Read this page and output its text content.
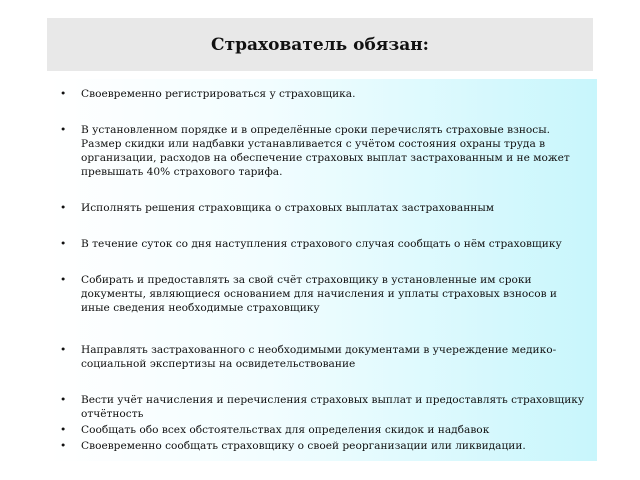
Страхователь обязан:
• Своевременно регистрироваться у страховщика.
• В установленном порядке и в определённые сроки перечислять страховые взносы. Размер скидки или надбавки устанавливается с учётом состояния охраны труда в организации, расходов на обеспечение страховых выплат застрахованным и не может превышать 40% страхового тарифа.
• Исполнять решения страховщика о страховых выплатах застрахованным
• В течение суток со дня наступления страхового случая сообщать о нём страховщику
• Собирать и предоставлять за свой счёт страховщику в установленные им сроки документы, являющиеся основанием для начисления и уплаты страховых взносов и иные сведения необходимые страховщику
• Направлять застрахованного с необходимыми документами в учереждение медико-социальной экспертизы на освидетельствование
• Вести учёт начисления и перечисления страховых выплат и предоставлять страховщику отчётность
• Сообщать обо всех обстоятельствах для определения скидок и надбавок
• Своевременно сообщать страховщику о своей реорганизации или ликвидации.
